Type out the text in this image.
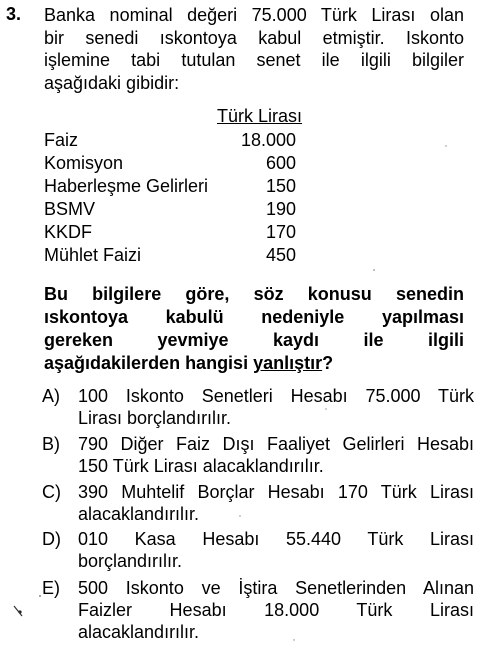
3. Banka nominal değeri 75.000 Türk Lirası olan
bir senedi ıskontoya kabul etmiştir. Iskonto
işlemine tabi tutulan senet ile ilgili bilgiler
aşağıdaki gibidir:
Türk Lirası
Faiz	18.000
Komisyon	600
Haberleşme Gelirleri	150
BSMV	190
KKDF	170
Mühlet Faizi	450
Bu bilgilere göre, söz konusu senedin
ıskontoya kabulü nedeniyle yapılması
gereken yevmiye kaydı ile ilgili
aşağıdakilerden hangisi yanlıştır?
A) 100 Iskonto Senetleri Hesabı 75.000 Türk
Lirası borçlandırılır.
B) 790 Diğer Faiz Dışı Faaliyet Gelirleri Hesabı
150 Türk Lirası alacaklandırılır.
C) 390 Muhtelif Borçlar Hesabı 170 Türk Lirası
alacaklandırılır.
D) 010 Kasa Hesabı 55.440 Türk Lirası
borçlandırılır.
E) 500 Iskonto ve İştira Senetlerinden Alınan
Faizler Hesabı 18.000 Türk Lirası
alacaklandırılır.
